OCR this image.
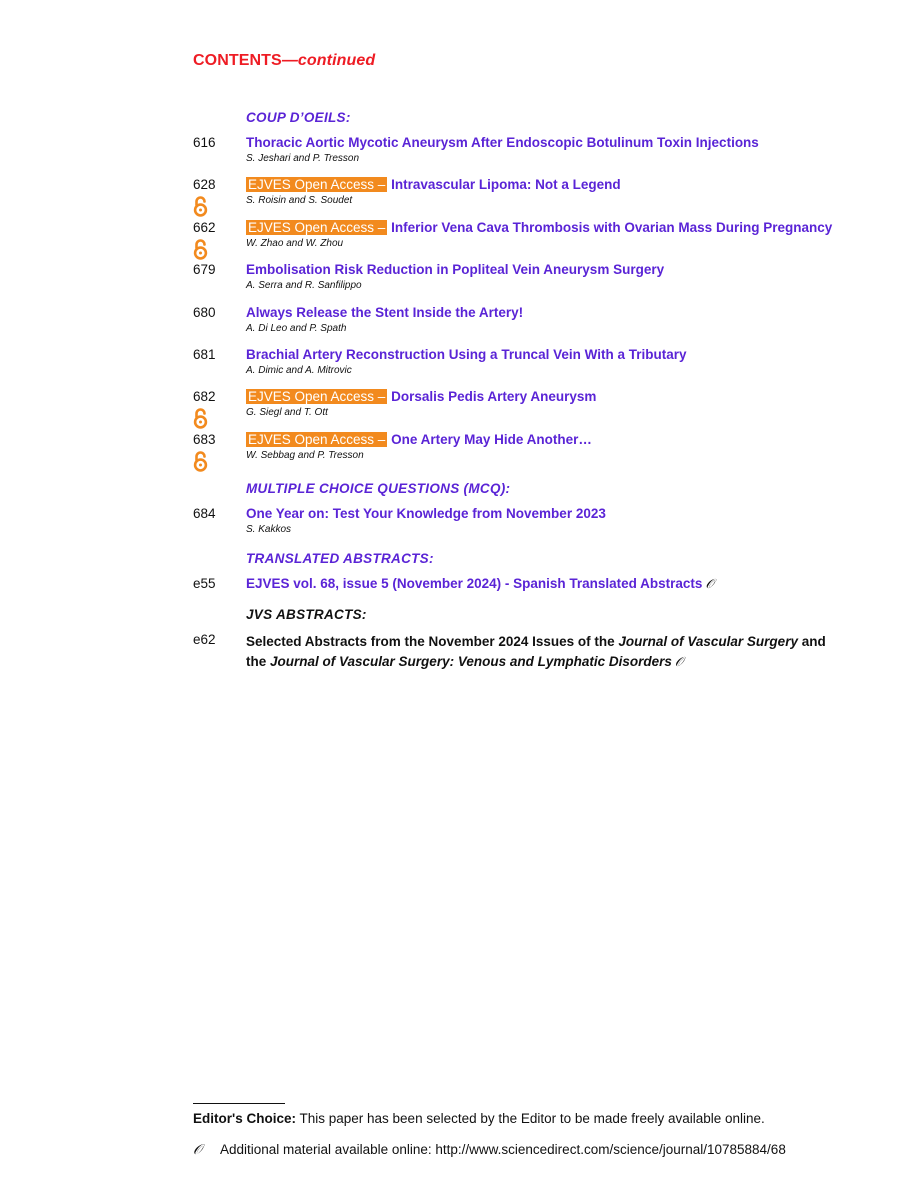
CONTENTS—continued
COUP D’OEILS:
616 Thoracic Aortic Mycotic Aneurysm After Endoscopic Botulinum Toxin Injections
S. Jeshari and P. Tresson
628 EJVES Open Access – Intravascular Lipoma: Not a Legend
S. Roisin and S. Soudet
662 EJVES Open Access – Inferior Vena Cava Thrombosis with Ovarian Mass During Pregnancy
W. Zhao and W. Zhou
679 Embolisation Risk Reduction in Popliteal Vein Aneurysm Surgery
A. Serra and R. Sanfilippo
680 Always Release the Stent Inside the Artery!
A. Di Leo and P. Spath
681 Brachial Artery Reconstruction Using a Truncal Vein With a Tributary
A. Dimic and A. Mitrovic
682 EJVES Open Access – Dorsalis Pedis Artery Aneurysm
G. Siegl and T. Ott
683 EJVES Open Access – One Artery May Hide Another…
W. Sebbag and P. Tresson
MULTIPLE CHOICE QUESTIONS (MCQ):
684 One Year on: Test Your Knowledge from November 2023
S. Kakkos
TRANSLATED ABSTRACTS:
e55 EJVES vol. 68, issue 5 (November 2024) - Spanish Translated Abstracts 𝒪
JVS ABSTRACTS:
e62 Selected Abstracts from the November 2024 Issues of the Journal of Vascular Surgery and the Journal of Vascular Surgery: Venous and Lymphatic Disorders 𝒪
Editor's Choice: This paper has been selected by the Editor to be made freely available online.
𝒪 Additional material available online: http://www.sciencedirect.com/science/journal/10785884/68
